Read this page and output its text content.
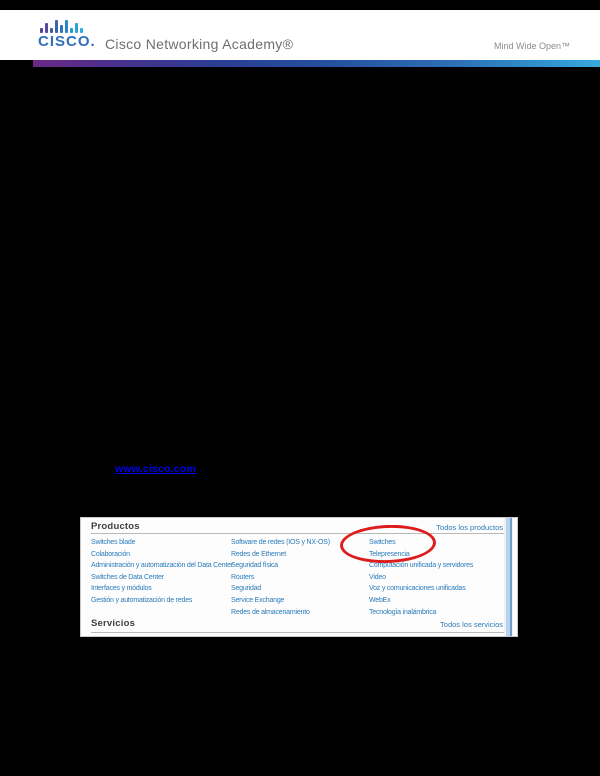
CISCO. Cisco Networking Academy®	Mind Wide Open™
www.cisco.com
Productos	Todos los productos
Switches blade
Colaboración
Administración y automatización del Data Center
Switches de Data Center
Interfaces y módulos
Gestión y automatización de redes
Software de redes (IOS y NX-OS)
Redes de Ethernet
Seguridad física
Routers
Seguridad
Service Exchange
Redes de almacenamiento
Switches
Telepresencia
Computación unificada y servidores
Video
Voz y comunicaciones unificadas
WebEx
Tecnología inalámbrica
Servicios	Todos los servicios
